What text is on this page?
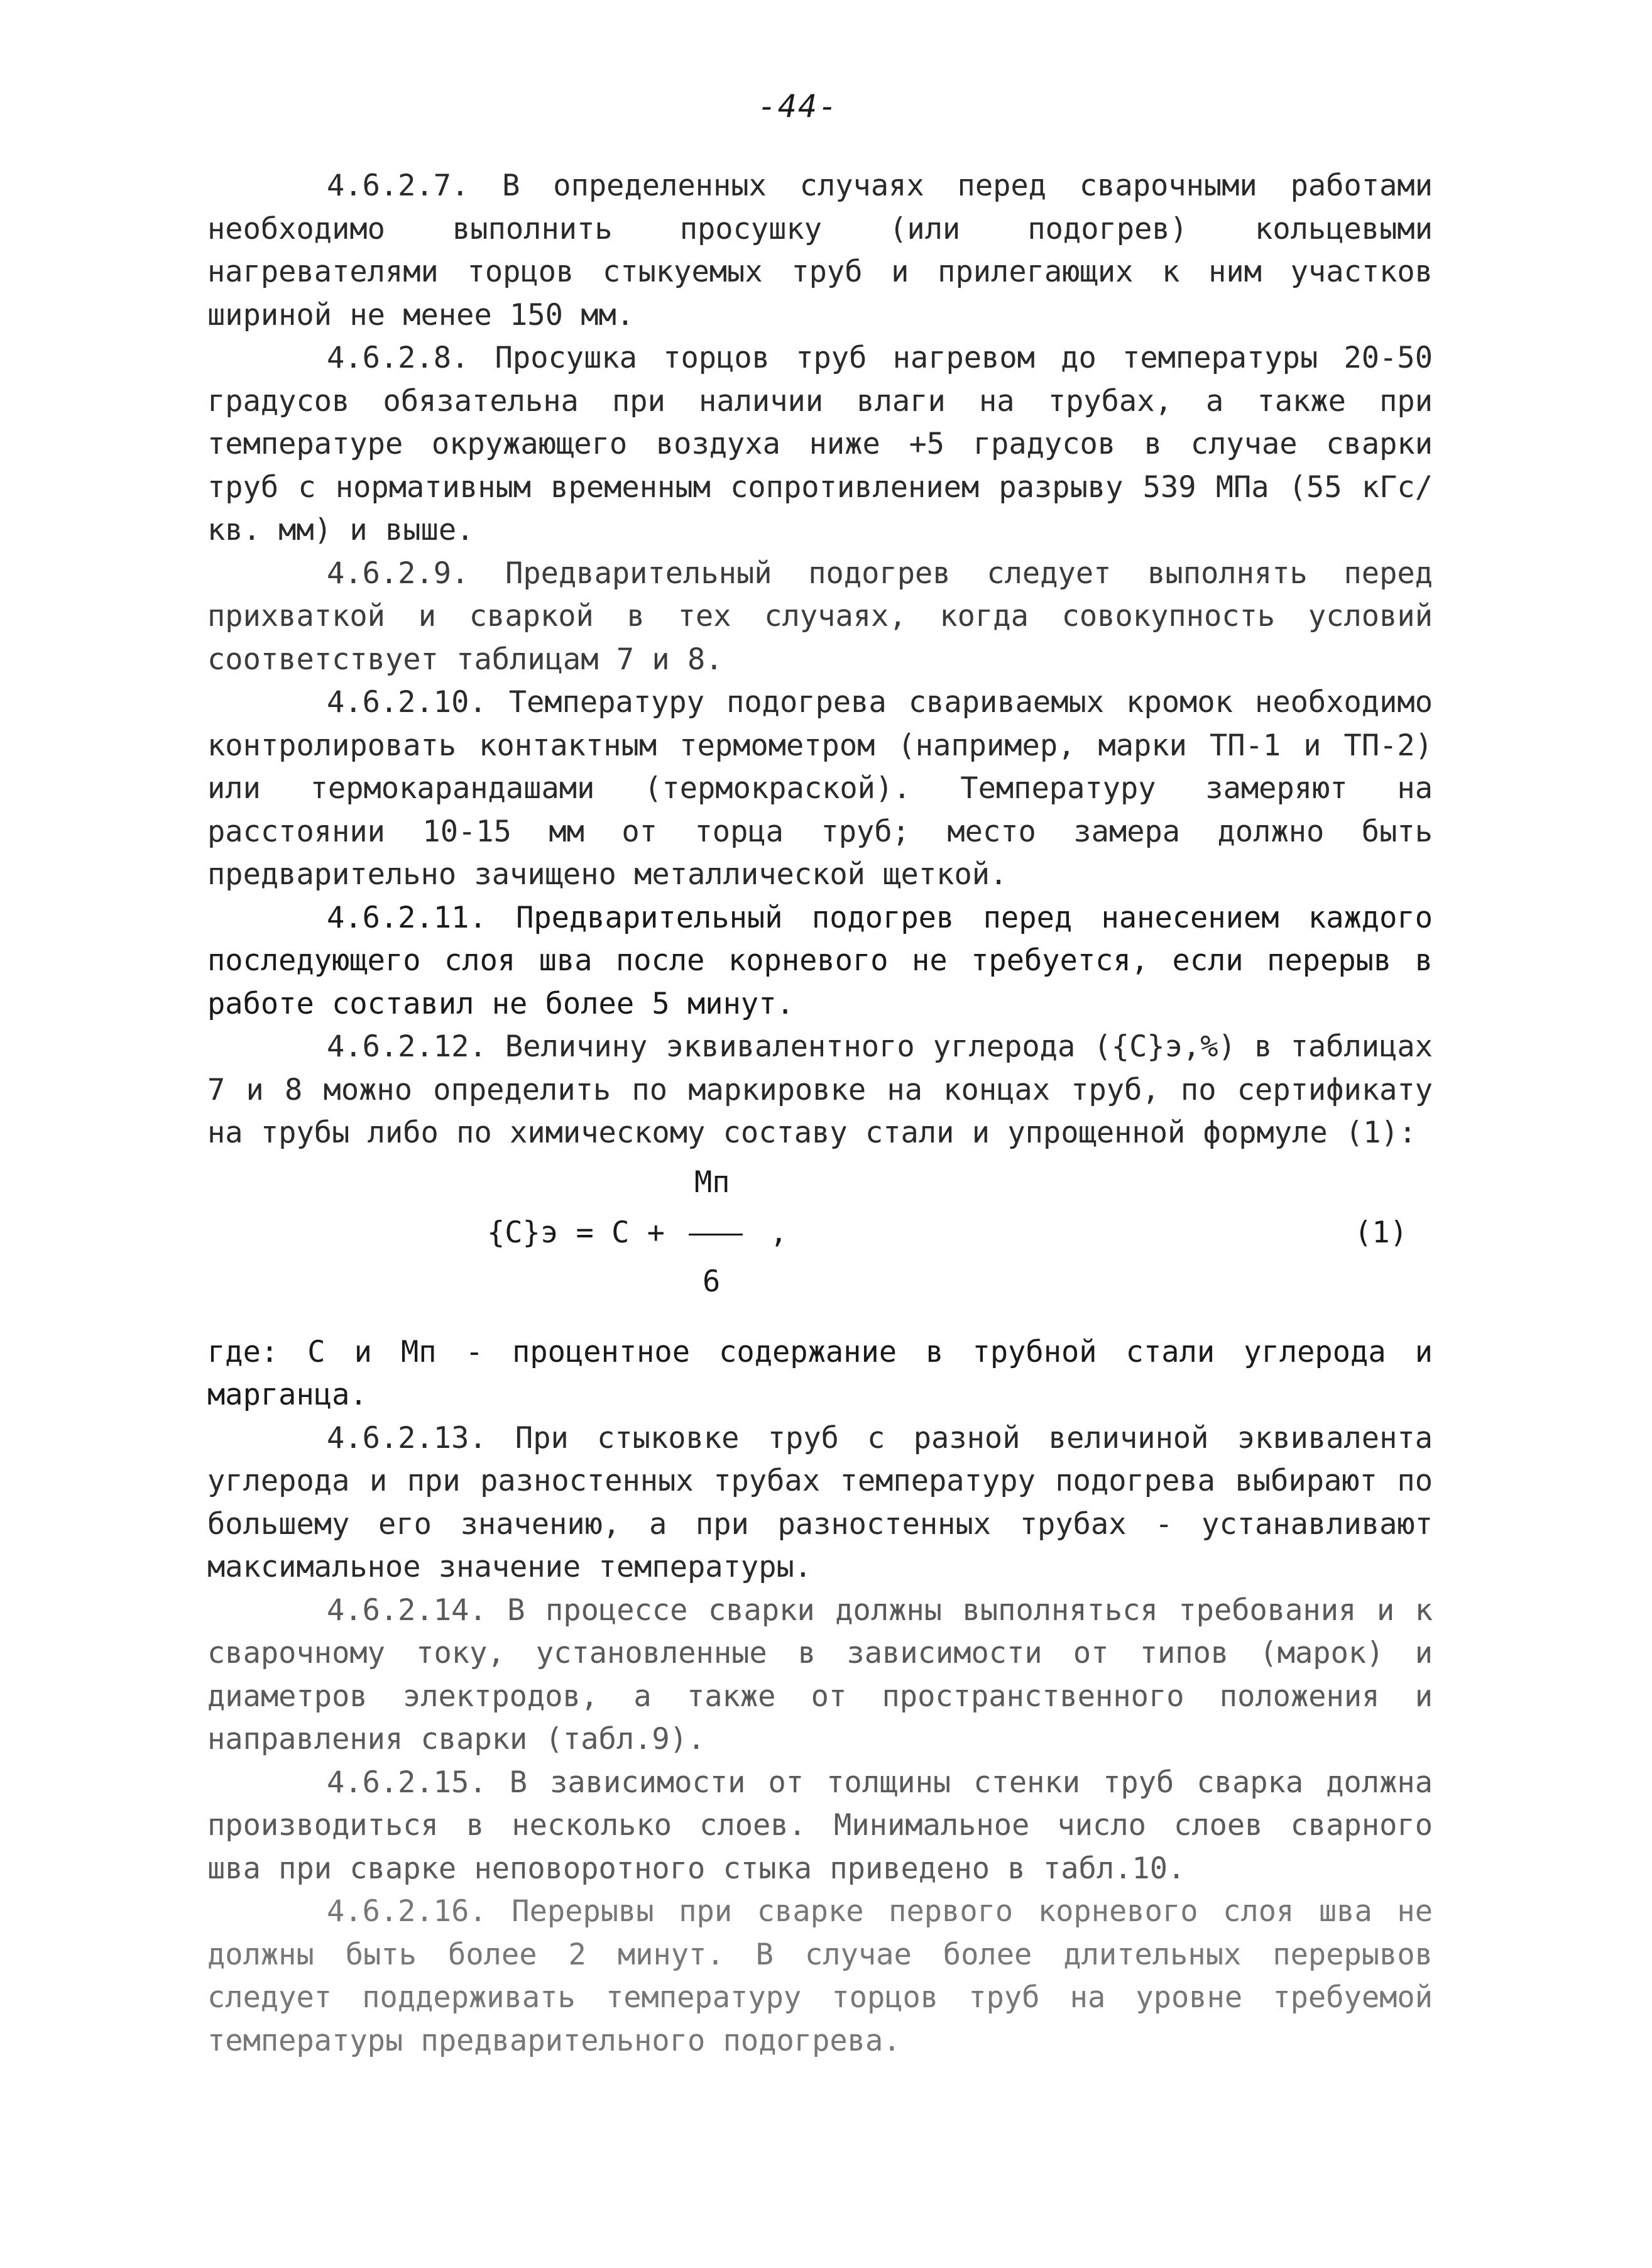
-44-

4.6.2.7. В определенных случаях перед сварочными работами необходимо выполнить просушку (или подогрев) кольцевыми нагревателями торцов стыкуемых труб и прилегающих к ним участков шириной не менее 150 мм.

4.6.2.8. Просушка торцов труб нагревом до температуры 20-50 градусов обязательна при наличии влаги на трубах, а также при температуре окружающего воздуха ниже +5 градусов в случае сварки труб с нормативным временным сопротивлением разрыву 539 МПа (55 кГс/кв. мм) и выше.

4.6.2.9. Предварительный подогрев следует выполнять перед прихваткой и сваркой в тех случаях, когда совокупность условий соответствует таблицам 7 и 8.

4.6.2.10. Температуру подогрева свариваемых кромок необходимо контролировать контактным термометром (например, марки ТП-1 и ТП-2) или термокарандашами (термокраской). Температуру замеряют на расстоянии 10-15 мм от торца труб; место замера должно быть предварительно зачищено металлической щеткой.

4.6.2.11. Предварительный подогрев перед нанесением каждого последующего слоя шва после корневого не требуется, если перерыв в работе составил не более 5 минут.

4.6.2.12. Величину эквивалентного углерода ({С}э,%) в таблицах 7 и 8 можно определить по маркировке на концах труб, по сертификату на трубы либо по химическому составу стали и упрощенной формуле (1):

Мп
{С}э = С +	,
6
(1)

где: С и Мп - процентное содержание в трубной стали углерода и марганца.

4.6.2.13. При стыковке труб с разной величиной эквивалента углерода и при разностенных трубах температуру подогрева выбирают по большему его значению, а при разностенных трубах - устанавливают максимальное значение температуры.

4.6.2.14. В процессе сварки должны выполняться требования и к сварочному току, установленные в зависимости от типов (марок) и диаметров электродов, а также от пространственного положения и направления сварки (табл.9).

4.6.2.15. В зависимости от толщины стенки труб сварка должна производиться в несколько слоев. Минимальное число слоев сварного шва при сварке неповоротного стыка приведено в табл.10.

4.6.2.16. Перерывы при сварке первого корневого слоя шва не должны быть более 2 минут. В случае более длительных перерывов следует поддерживать температуру торцов труб на уровне требуемой температуры предварительного подогрева.
